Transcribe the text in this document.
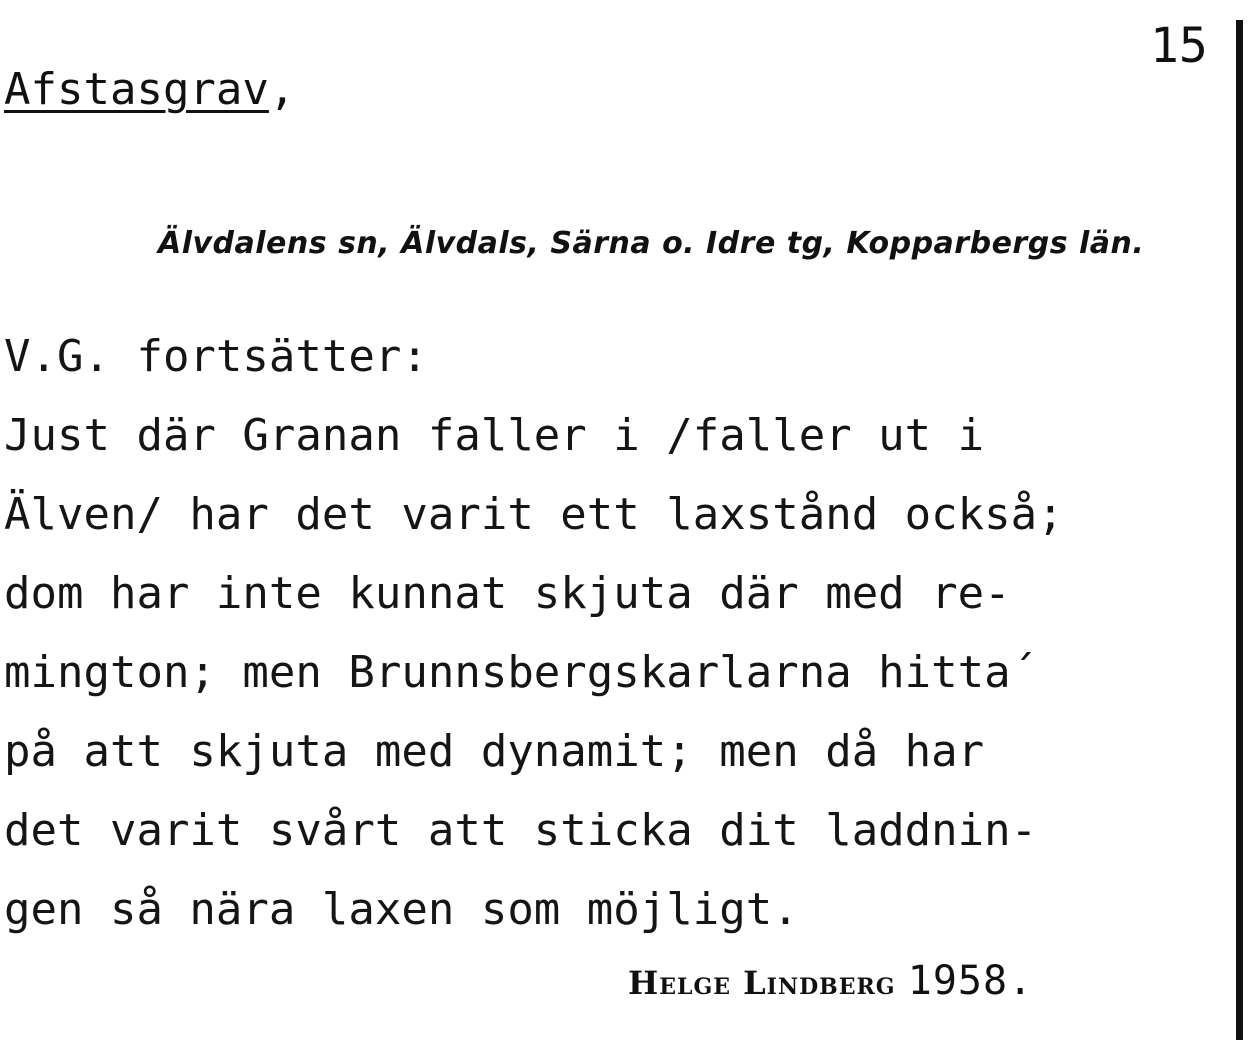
15
Afstasgrav,
Älvdalens sn, Älvdals, Särna o. Idre tg, Kopparbergs län.
V.G. fortsätter:
Just där Granan faller i /faller ut i
Älven/ har det varit ett laxstånd också;
dom har inte kunnat skjuta där med re-
mington; men Brunnsbergskarlarna hitta´
på att skjuta med dynamit; men då har
det varit svårt att sticka dit laddnin-
gen så nära laxen som möjligt.
Helge Lindberg 1958.
